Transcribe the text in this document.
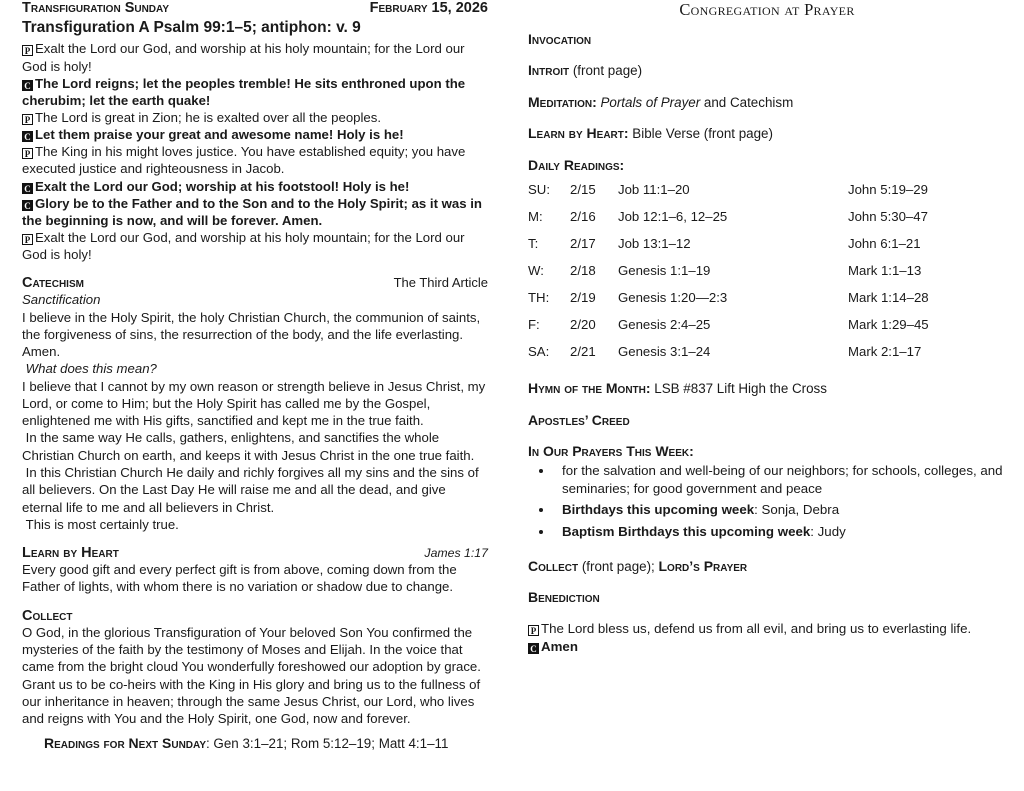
Transfiguration Sunday	February 15, 2026
Transfiguration A Psalm 99:1–5; antiphon: v. 9

P Exalt the Lord our God, and worship at his holy mountain; for the Lord our God is holy!

C The Lord reigns; let the peoples tremble! He sits enthroned upon the cherubim; let the earth quake!

P The Lord is great in Zion; he is exalted over all the peoples.

C Let them praise your great and awesome name! Holy is he!

P The King in his might loves justice. You have established equity; you have executed justice and righteousness in Jacob.

C Exalt the Lord our God; worship at his footstool! Holy is he!

C Glory be to the Father and to the Son and to the Holy Spirit; as it was in the beginning is now, and will be forever. Amen.

P Exalt the Lord our God, and worship at his holy mountain; for the Lord our God is holy!

Catechism	The Third Article
Sanctification

I believe in the Holy Spirit, the holy Christian Church, the communion of saints, the forgiveness of sins, the resurrection of the body, and the life everlasting. Amen.

What does this mean?

I believe that I cannot by my own reason or strength believe in Jesus Christ, my Lord, or come to Him; but the Holy Spirit has called me by the Gospel, enlightened me with His gifts, sanctified and kept me in the true faith.

In the same way He calls, gathers, enlightens, and sanctifies the whole Christian Church on earth, and keeps it with Jesus Christ in the one true faith.

In this Christian Church He daily and richly forgives all my sins and the sins of all believers. On the Last Day He will raise me and all the dead, and give eternal life to me and all believers in Christ.

This is most certainly true.

Learn by Heart	James 1:17

Every good gift and every perfect gift is from above, coming down from the Father of lights, with whom there is no variation or shadow due to change.

Collect

O God, in the glorious Transfiguration of Your beloved Son You confirmed the mysteries of the faith by the testimony of Moses and Elijah. In the voice that came from the bright cloud You wonderfully foreshowed our adoption by grace. Grant us to be co-heirs with the King in His glory and bring us to the fullness of our inheritance in heaven; through the same Jesus Christ, our Lord, who lives and reigns with You and the Holy Spirit, one God, now and forever.

Readings for Next Sunday: Gen 3:1–21; Rom 5:12–19; Matt 4:1–11
Congregation at Prayer
Invocation
Introit (front page)
Meditation: Portals of Prayer and Catechism
Learn by Heart: Bible Verse (front page)
Daily Readings:
SU:	2/15	Job 11:1–20	John 5:19–29
M:	2/16	Job 12:1–6, 12–25	John 5:30–47
T:	2/17	Job 13:1–12	John 6:1–21
W:	2/18	Genesis 1:1–19	Mark 1:1–13
TH:	2/19	Genesis 1:20—2:3	Mark 1:14–28
F:	2/20	Genesis 2:4–25	Mark 1:29–45
SA:	2/21	Genesis 3:1–24	Mark 2:1–17
Hymn of the Month: LSB #837 Lift High the Cross
Apostles’ Creed
In Our Prayers This Week:
• for the salvation and well-being of our neighbors; for schools, colleges, and seminaries; for good government and peace
• Birthdays this upcoming week: Sonja, Debra
• Baptism Birthdays this upcoming week: Judy
Collect (front page); Lord’s Prayer
Benediction

P The Lord bless us, defend us from all evil, and bring us to everlasting life.

C Amen
